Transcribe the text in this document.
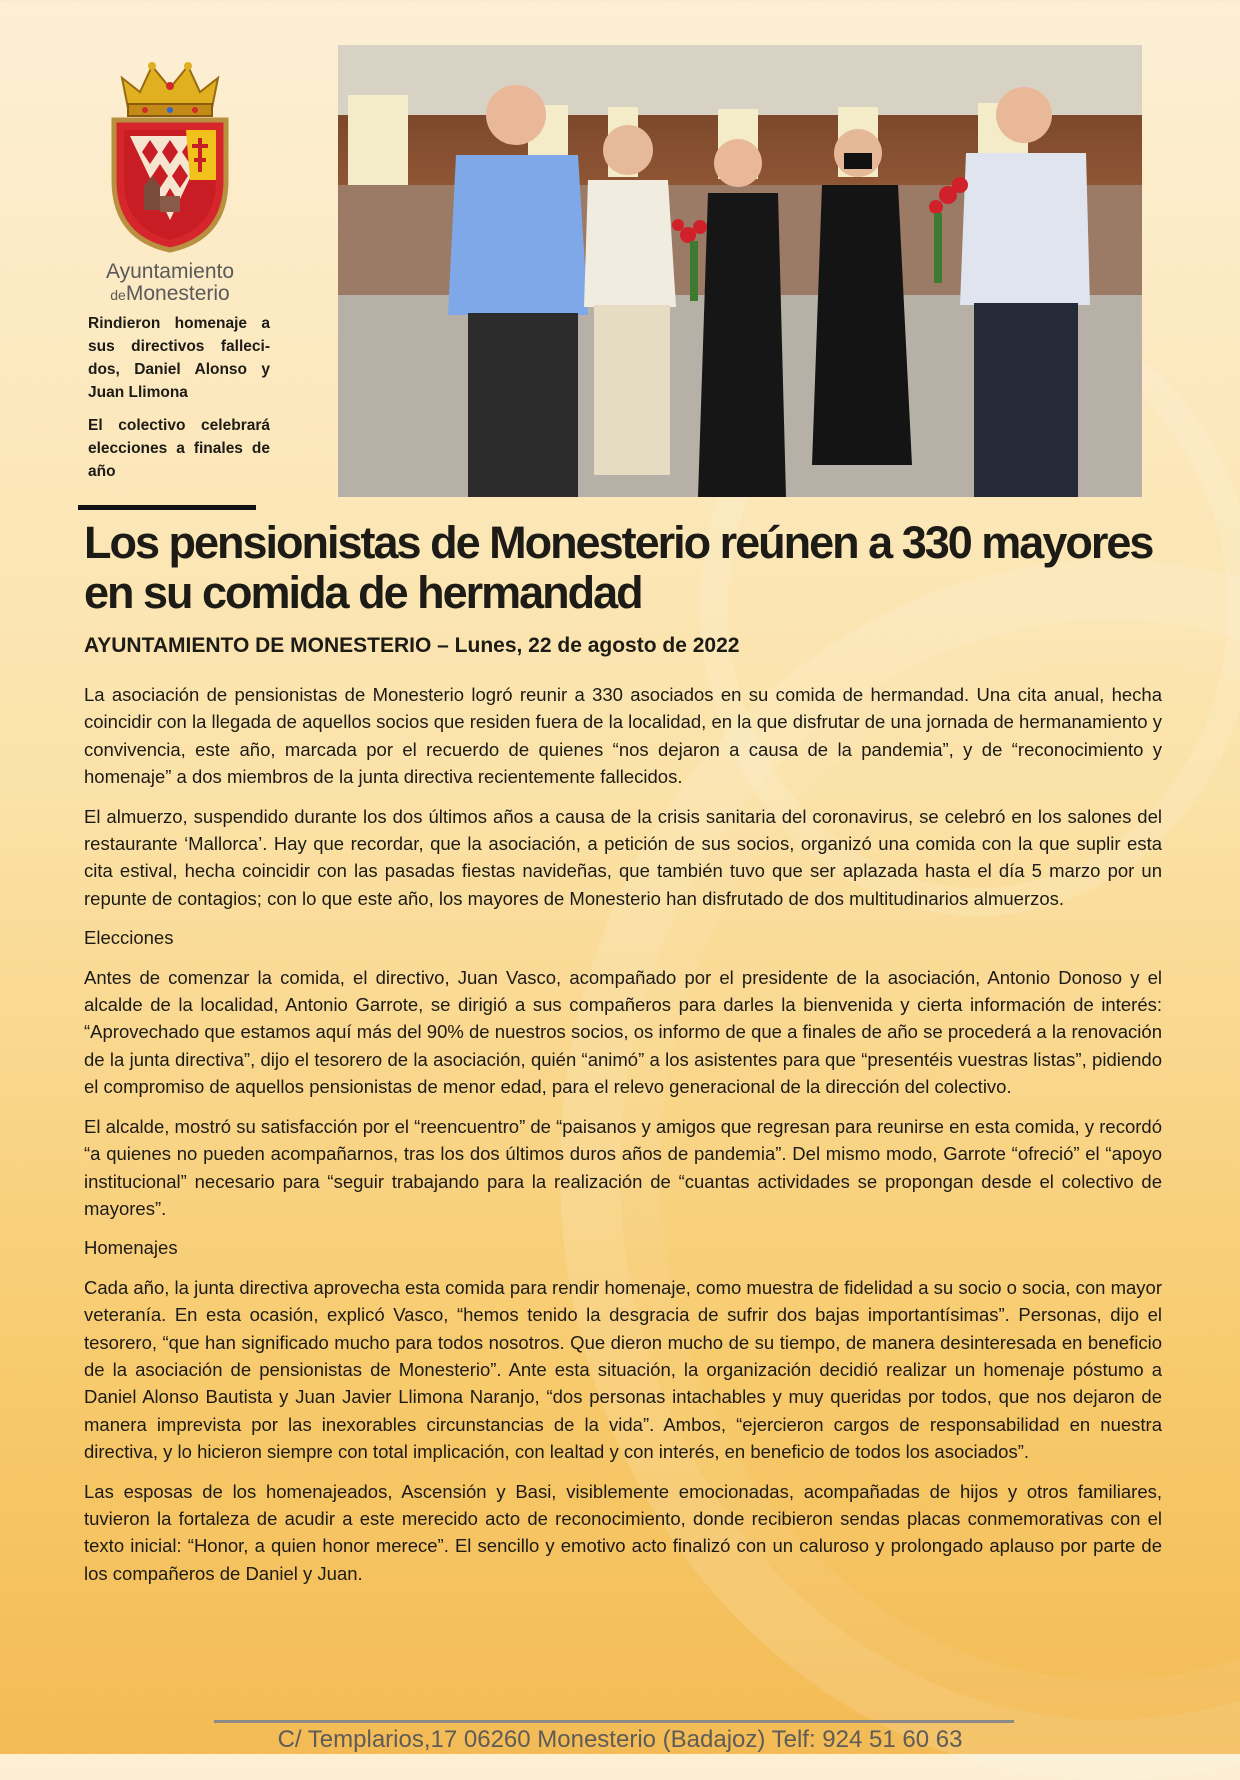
Ayuntamiento
deMonesterio

Rindieron homenaje a sus directivos falleci-dos, Daniel Alonso y Juan Llimona

El colectivo celebrará elecciones a finales de año

Los pensionistas de Monesterio reúnen a 330 mayores en su comida de hermandad
AYUNTAMIENTO DE MONESTERIO – Lunes, 22 de agosto de 2022

La asociación de pensionistas de Monesterio logró reunir a 330 asociados en su comida de hermandad. Una cita anual, hecha coincidir con la llegada de aquellos socios que residen fuera de la localidad, en la que disfrutar de una jornada de hermanamiento y convivencia, este año, marcada por el recuerdo de quienes “nos dejaron a causa de la pandemia”, y de “reconocimiento y homenaje” a dos miembros de la junta directiva recientemente fallecidos.

El almuerzo, suspendido durante los dos últimos años a causa de la crisis sanitaria del coronavirus, se celebró en los salones del restaurante ‘Mallorca’. Hay que recordar, que la asociación, a petición de sus socios, organizó una comida con la que suplir esta cita estival, hecha coincidir con las pasadas fiestas navideñas, que también tuvo que ser aplazada hasta el día 5 marzo por un repunte de contagios; con lo que este año, los mayores de Monesterio han disfrutado de dos multitudinarios almuerzos.

Elecciones

Antes de comenzar la comida, el directivo, Juan Vasco, acompañado por el presidente de la asociación, Antonio Donoso y el alcalde de la localidad, Antonio Garrote, se dirigió a sus compañeros para darles la bienvenida y cierta información de interés: “Aprovechado que estamos aquí más del 90% de nuestros socios, os informo de que a finales de año se procederá a la renovación de la junta directiva”, dijo el tesorero de la asociación, quién “animó” a los asistentes para que “presentéis vuestras listas”, pidiendo el compromiso de aquellos pensionistas de menor edad, para el relevo generacional de la dirección del colectivo.

El alcalde, mostró su satisfacción por el “reencuentro” de “paisanos y amigos que regresan para reunirse en esta comida, y recordó “a quienes no pueden acompañarnos, tras los dos últimos duros años de pandemia”. Del mismo modo, Garrote “ofreció” el “apoyo institucional” necesario para “seguir trabajando para la realización de “cuantas actividades se propongan desde el colectivo de mayores”.

Homenajes

Cada año, la junta directiva aprovecha esta comida para rendir homenaje, como muestra de fidelidad a su socio o socia, con mayor veteranía. En esta ocasión, explicó Vasco, “hemos tenido la desgracia de sufrir dos bajas importantísimas”. Personas, dijo el tesorero, “que han significado mucho para todos nosotros. Que dieron mucho de su tiempo, de manera desinteresada en beneficio de la asociación de pensionistas de Monesterio”. Ante esta situación, la organización decidió realizar un homenaje póstumo a Daniel Alonso Bautista y Juan Javier Llimona Naranjo, “dos personas intachables y muy queridas por todos, que nos dejaron de manera imprevista por las inexorables circunstancias de la vida”. Ambos, “ejercieron cargos de responsabilidad en nuestra directiva, y lo hicieron siempre con total implicación, con lealtad y con interés, en beneficio de todos los asociados”.

Las esposas de los homenajeados, Ascensión y Basi, visiblemente emocionadas, acompañadas de hijos y otros familiares, tuvieron la fortaleza de acudir a este merecido acto de reconocimiento, donde recibieron sendas placas conmemorativas con el texto inicial: “Honor, a quien honor merece”. El sencillo y emotivo acto finalizó con un caluroso y prolongado aplauso por parte de los compañeros de Daniel y Juan.

C/ Templarios,17 06260 Monesterio (Badajoz) Telf: 924 51 60 63
